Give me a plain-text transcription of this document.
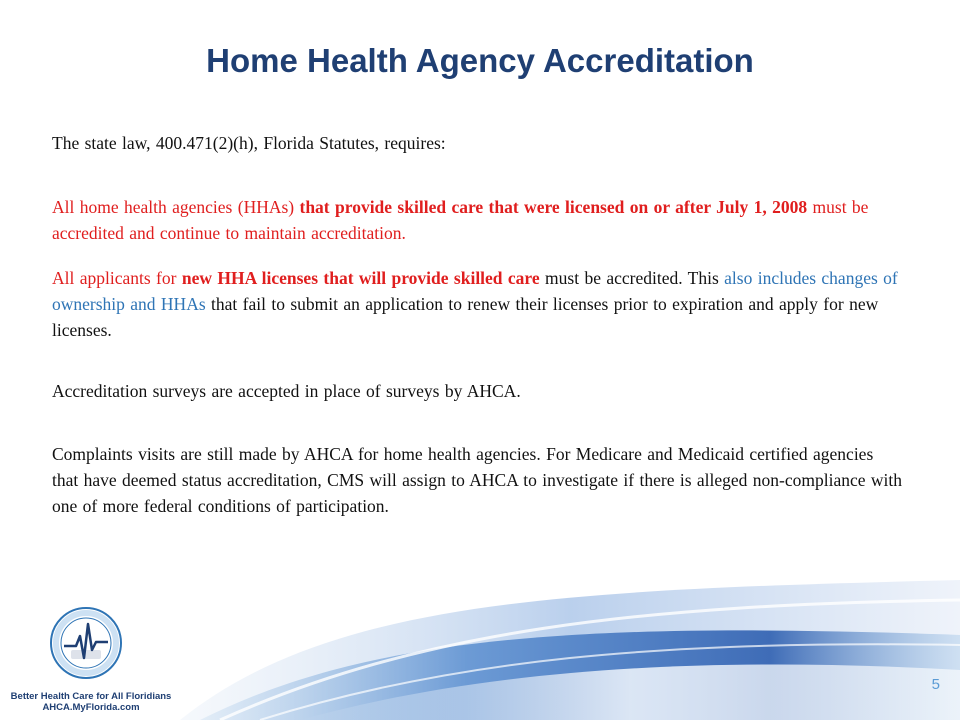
Home Health Agency Accreditation
The state law, 400.471(2)(h), Florida Statutes, requires:
All home health agencies (HHAs) that provide skilled care that were licensed on or after July 1, 2008 must be accredited and continue to maintain accreditation.
All applicants for new HHA licenses that will provide skilled care must be accredited. This also includes changes of ownership and HHAs that fail to submit an application to renew their licenses prior to expiration and apply for new licenses.
Accreditation surveys are accepted in place of surveys by AHCA.
Complaints visits are still made by AHCA for home health agencies. For Medicare and Medicaid certified agencies that have deemed status accreditation, CMS will assign to AHCA to investigate if there is alleged non-compliance with one of more federal conditions of participation.
Better Health Care for All Floridians
AHCA.MyFlorida.com
5
